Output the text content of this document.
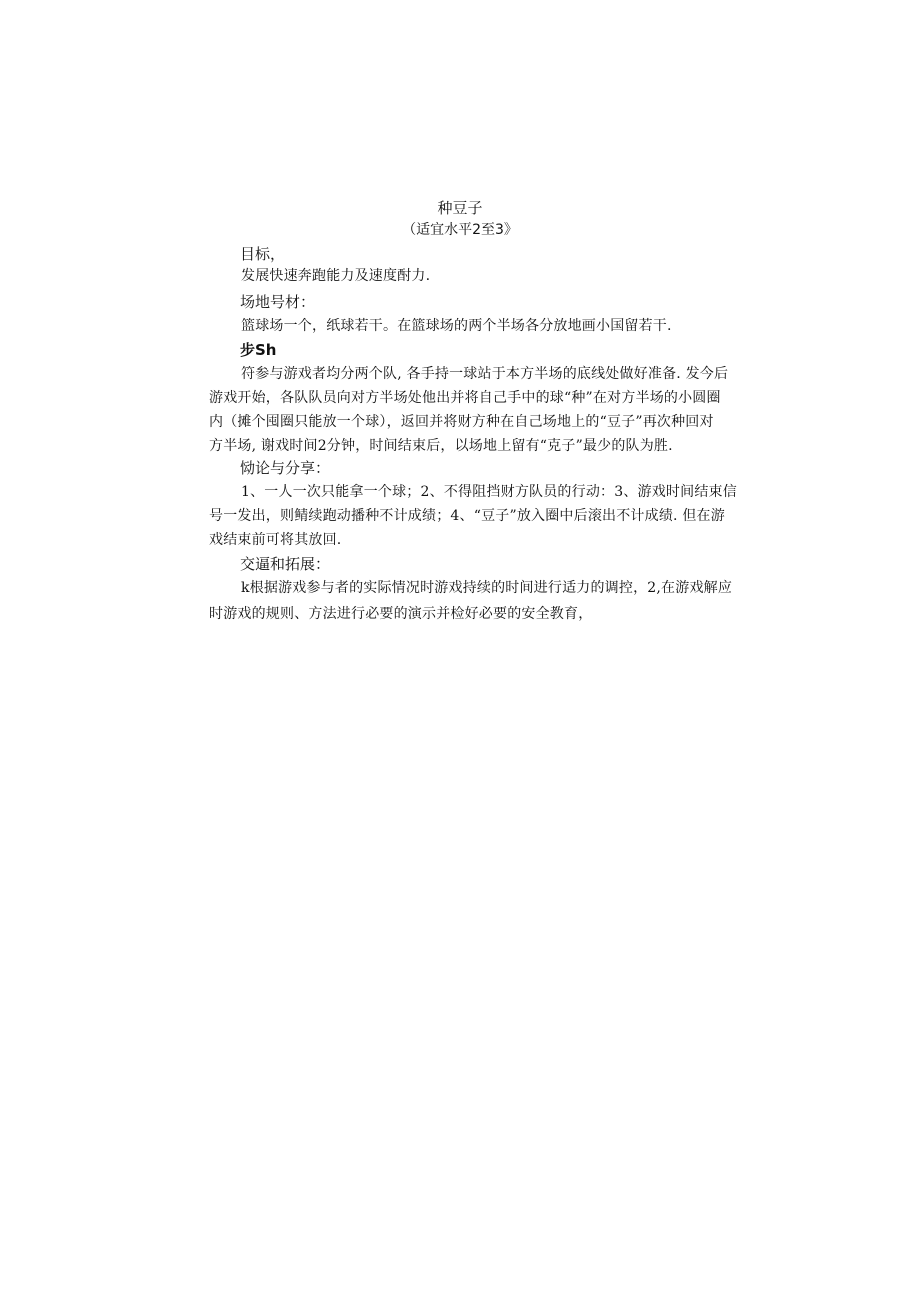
种豆子
（适宜水平2至3》
目标，
发展快速奔跑能力及速度酎力.
场地号材：
篮球场一个，纸球若干。在篮球场的两个半场各分放地画小国留若干.
步Sh
符参与游戏者均分两个队, 各手持一球站于本方半场的底线处做好准备. 发今后
游戏开始，各队队员向对方半场处他出并将自己手中的球“种”在对方半场的小圆圈
内（摊个囤圈只能放一个球），返回并将财方种在自己场地上的“豆子”再次种回对
方半场, 谢戏时间2分钟，时间结束后，以场地上留有“克子”最少的队为胜.
恸论与分享：
1、一人一次只能拿一个球；2、不得阻挡财方队员的行动：3、游戏时间结束信
号一发出，则鲭续跑动播种不计成绩；4、“豆子”放入圈中后滚出不计成绩. 但在游
戏结束前可将其放回.
交逼和拓展：
k根据游戏参与者的实际情况时游戏持续的时间进行适力的调控，2,在游戏解应
时游戏的规则、方法进行必要的演示并检好必要的安全教育，
